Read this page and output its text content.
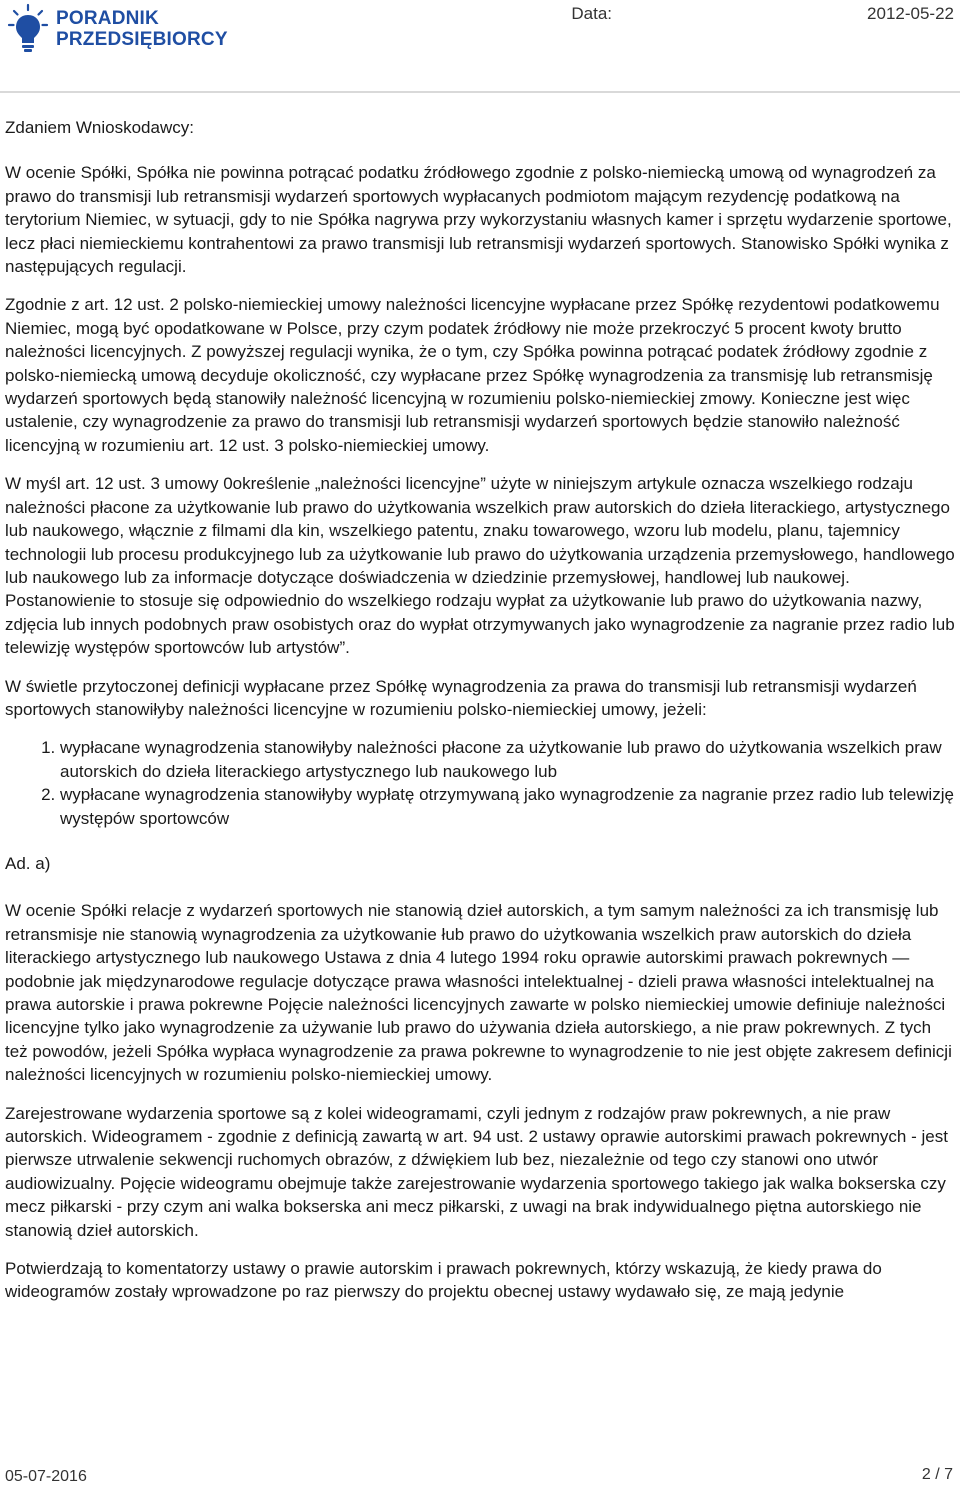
PORADNIK
PRZEDSIĘBIORCY
Data:	2012-05-22

Zdaniem Wnioskodawcy:

W ocenie Spółki, Spółka nie powinna potrącać podatku źródłowego zgodnie z polsko-niemiecką umową od wynagrodzeń za prawo do transmisji lub retransmisji wydarzeń sportowych wypłacanych podmiotom mającym rezydencję podatkową na terytorium Niemiec, w sytuacji, gdy to nie Spółka nagrywa przy wykorzystaniu własnych kamer i sprzętu wydarzenie sportowe, lecz płaci niemieckiemu kontrahentowi za prawo transmisji lub retransmisji wydarzeń sportowych. Stanowisko Spółki wynika z następujących regulacji.

Zgodnie z art. 12 ust. 2 polsko-niemieckiej umowy należności licencyjne wypłacane przez Spółkę rezydentowi podatkowemu Niemiec, mogą być opodatkowane w Polsce, przy czym podatek źródłowy nie może przekroczyć 5 procent kwoty brutto należności licencyjnych. Z powyższej regulacji wynika, że o tym, czy Spółka powinna potrącać podatek źródłowy zgodnie z polsko-niemiecką umową decyduje okoliczność, czy wypłacane przez Spółkę wynagrodzenia za transmisję lub retransmisję wydarzeń sportowych będą stanowiły należność licencyjną w rozumieniu polsko-niemieckiej zmowy. Konieczne jest więc ustalenie, czy wynagrodzenie za prawo do transmisji lub retransmisji wydarzeń sportowych będzie stanowiło należność licencyjną w rozumieniu art. 12 ust. 3 polsko-niemieckiej umowy.

W myśl art. 12 ust. 3 umowy 0określenie „należności licencyjne” użyte w niniejszym artykule oznacza wszelkiego rodzaju należności płacone za użytkowanie lub prawo do użytkowania wszelkich praw autorskich do dzieła literackiego, artystycznego lub naukowego, włącznie z filmami dla kin, wszelkiego patentu, znaku towarowego, wzoru lub modelu, planu, tajemnicy technologii lub procesu produkcyjnego lub za użytkowanie lub prawo do użytkowania urządzenia przemysłowego, handlowego lub naukowego lub za informacje dotyczące doświadczenia w dziedzinie przemysłowej, handlowej lub naukowej. Postanowienie to stosuje się odpowiednio do wszelkiego rodzaju wypłat za użytkowanie lub prawo do użytkowania nazwy, zdjęcia lub innych podobnych praw osobistych oraz do wypłat otrzymywanych jako wynagrodzenie za nagranie przez radio lub telewizję występów sportowców lub artystów”.

W świetle przytoczonej definicji wypłacane przez Spółkę wynagrodzenia za prawa do transmisji lub retransmisji wydarzeń sportowych stanowiłyby należności licencyjne w rozumieniu polsko-niemieckiej umowy, jeżeli:

1. wypłacane wynagrodzenia stanowiłyby należności płacone za użytkowanie lub prawo do użytkowania wszelkich praw autorskich do dzieła literackiego artystycznego lub naukowego lub
2. wypłacane wynagrodzenia stanowiłyby wypłatę otrzymywaną jako wynagrodzenie za nagranie przez radio lub telewizję występów sportowców

Ad. a)

W ocenie Spółki relacje z wydarzeń sportowych nie stanowią dzieł autorskich, a tym samym należności za ich transmisję lub retransmisje nie stanowią wynagrodzenia za użytkowanie łub prawo do użytkowania wszelkich praw autorskich do dzieła literackiego artystycznego lub naukowego Ustawa z dnia 4 lutego 1994 roku oprawie autorskimi prawach pokrewnych — podobnie jak międzynarodowe regulacje dotyczące prawa własności intelektualnej - dzieli prawa własności intelektualnej na prawa autorskie i prawa pokrewne Pojęcie należności licencyjnych zawarte w polsko niemieckiej umowie definiuje należności licencyjne tylko jako wynagrodzenie za używanie lub prawo do używania dzieła autorskiego, a nie praw pokrewnych. Z tych też powodów, jeżeli Spółka wypłaca wynagrodzenie za prawa pokrewne to wynagrodzenie to nie jest objęte zakresem definicji należności licencyjnych w rozumieniu polsko-niemieckiej umowy.

Zarejestrowane wydarzenia sportowe są z kolei wideogramami, czyli jednym z rodzajów praw pokrewnych, a nie praw autorskich. Wideogramem - zgodnie z definicją zawartą w art. 94 ust. 2 ustawy oprawie autorskimi prawach pokrewnych - jest pierwsze utrwalenie sekwencji ruchomych obrazów, z dźwiękiem lub bez, niezależnie od tego czy stanowi ono utwór audiowizualny. Pojęcie wideogramu obejmuje także zarejestrowanie wydarzenia sportowego takiego jak walka bokserska czy mecz piłkarski - przy czym ani walka bokserska ani mecz piłkarski, z uwagi na brak indywidualnego piętna autorskiego nie stanowią dzieł autorskich.

Potwierdzają to komentatorzy ustawy o prawie autorskim i prawach pokrewnych, którzy wskazują, że kiedy prawa do wideogramów zostały wprowadzone po raz pierwszy do projektu obecnej ustawy wydawało się, ze mają jedynie

05-07-2016	2 / 7
